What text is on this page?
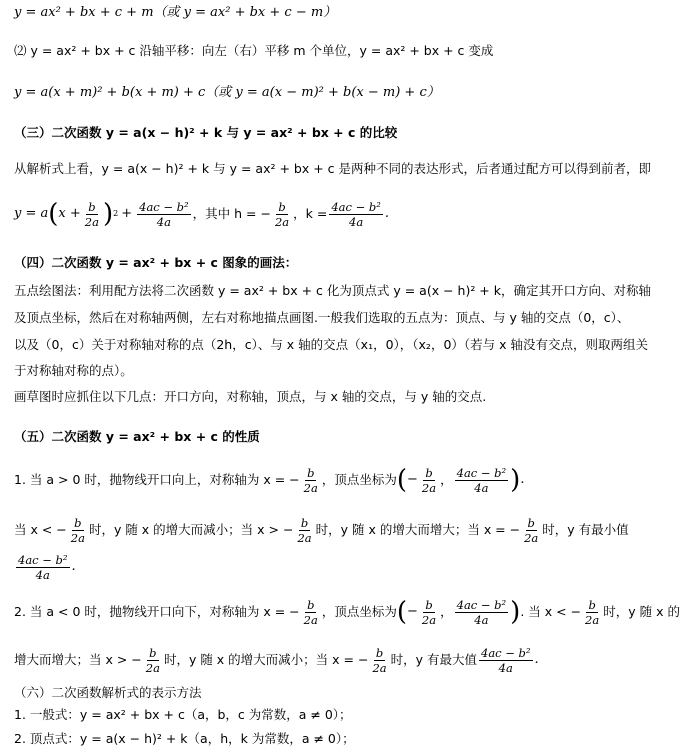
y = ax² + bx + c + m（或 y = ax² + bx + c − m）
⑵ y = ax² + bx + c 沿轴平移：向左（右）平移 m 个单位，y = ax² + bx + c 变成
y = a(x + m)² + b(x + m) + c（或 y = a(x − m)² + b(x − m) + c）
（三）二次函数 y = a(x − h)² + k 与 y = ax² + bx + c 的比较
从解析式上看，y = a(x − h)² + k 与 y = ax² + bx + c 是两种不同的表达形式，后者通过配方可以得到前者，即
y = a ( $x + \frac{b}{2a}$ ) $2 + \frac{\text{4ac − b²}}{4a}$ ，其中 h = − $\frac{b}{2a}$ ，$k = \frac{\text{4ac − b²}}{4a}$ .
（四）二次函数 y = ax² + bx + c 图象的画法：
五点绘图法：利用配方法将二次函数 y = ax² + bx + c 化为顶点式 y = a(x − h)² + k，确定其开口方向、对称轴
及顶点坐标，然后在对称轴两侧，左右对称地描点画图.一般我们选取的五点为：顶点、与 y 轴的交点（0，c）、
以及（0，c）关于对称轴对称的点（2h，c）、与 x 轴的交点（x₁，0），（x₂，0）（若与 x 轴没有交点，则取两组关
于对称轴对称的点）。
画草图时应抓住以下几点：开口方向，对称轴，顶点，与 x 轴的交点，与 y 轴的交点.
（五）二次函数 y = ax² + bx + c 的性质
1. 当 a > 0 时，抛物线开口向上，对称轴为 x = − $\frac{b}{2a}$ ，顶点坐标为 ( − $\frac{b}{2a}$ ， $\frac{\text{4ac − b²}}{4a}$ ) .
当 x < − $\frac{b}{2a}$ 时，y 随 x 的增大而减小；当 x > − $\frac{b}{2a}$ 时，y 随 x 的增大而增大；当 x = − $\frac{b}{2a}$ 时，y 有最小值
$\frac{\text{4ac − b²}}{4a}$ .
2. 当 a < 0 时，抛物线开口向下，对称轴为 x = − $\frac{b}{2a}$ ，顶点坐标为 ( − $\frac{b}{2a}$ ， $\frac{\text{4ac − b²}}{4a}$ ) . 当 x < − $\frac{b}{2a}$ 时，y 随 x 的
增大而增大；当 x > − $\frac{b}{2a}$ 时，y 随 x 的增大而减小；当 x = − $\frac{b}{2a}$ 时，y 有最大值 $\frac{\text{4ac − b²}}{4a}$ .
（六）二次函数解析式的表示方法
1. 一般式：y = ax² + bx + c（a，b，c 为常数，a ≠ 0）；
2. 顶点式：y = a(x − h)² + k（a，h，k 为常数，a ≠ 0）；
